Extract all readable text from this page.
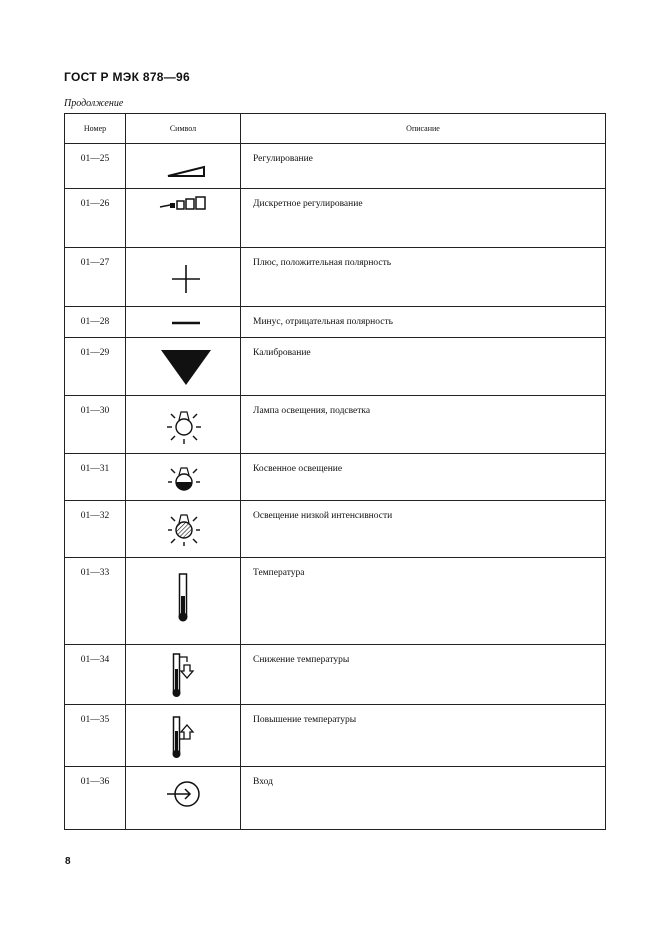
ГОСТ Р МЭК 878—96
Продолжение
Номер	Символ	Описание
01—25		Регулирование
01—26		Дискретное регулирование
01—27		Плюс, положительная полярность
01—28		Минус, отрицательная полярность
01—29		Калибрование
01—30		Лампа освещения, подсветка
01—31		Косвенное освещение
01—32		Освещение низкой интенсивности
01—33		Температура
01—34		Снижение температуры
01—35		Повышение температуры
01—36		Вход
8
